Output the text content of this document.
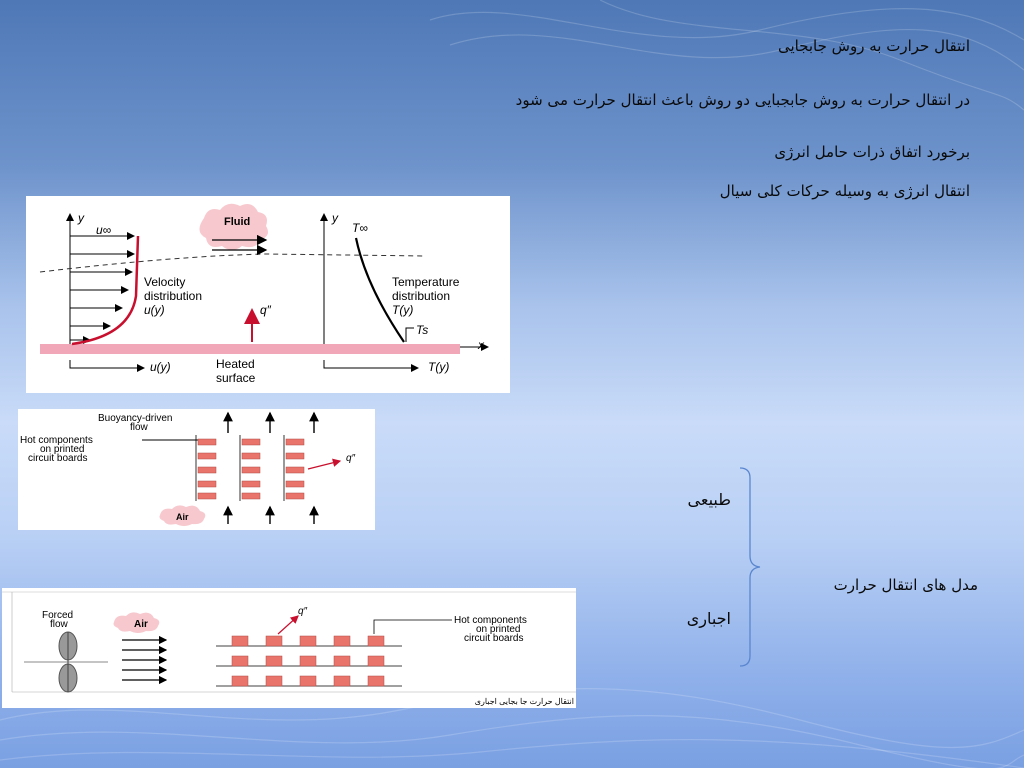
انتقال حرارت به روش جابجایی
در انتقال حرارت به روش جابجبایی دو روش باعث انتقال حرارت می شود
برخورد اتفاق ذرات حامل انرژی
انتقال انرژی به وسیله حرکات کلی سیال
طبیعی
اجباری
مدل های انتقال حرارت
x
y
u∞
Velocity
distribution
u(y)
Fluid
q″
y
T∞
Temperature
distribution
T(y)
Ts
u(y)	T(y)
Heated
surface
Buoyancy-driven
flow
Hot components
on printed
circuit boards	q″
Air
Forced
flow	Air
q″
Hot components
on printed
circuit boards
انتقال حرارت جا بجایی اجباری
